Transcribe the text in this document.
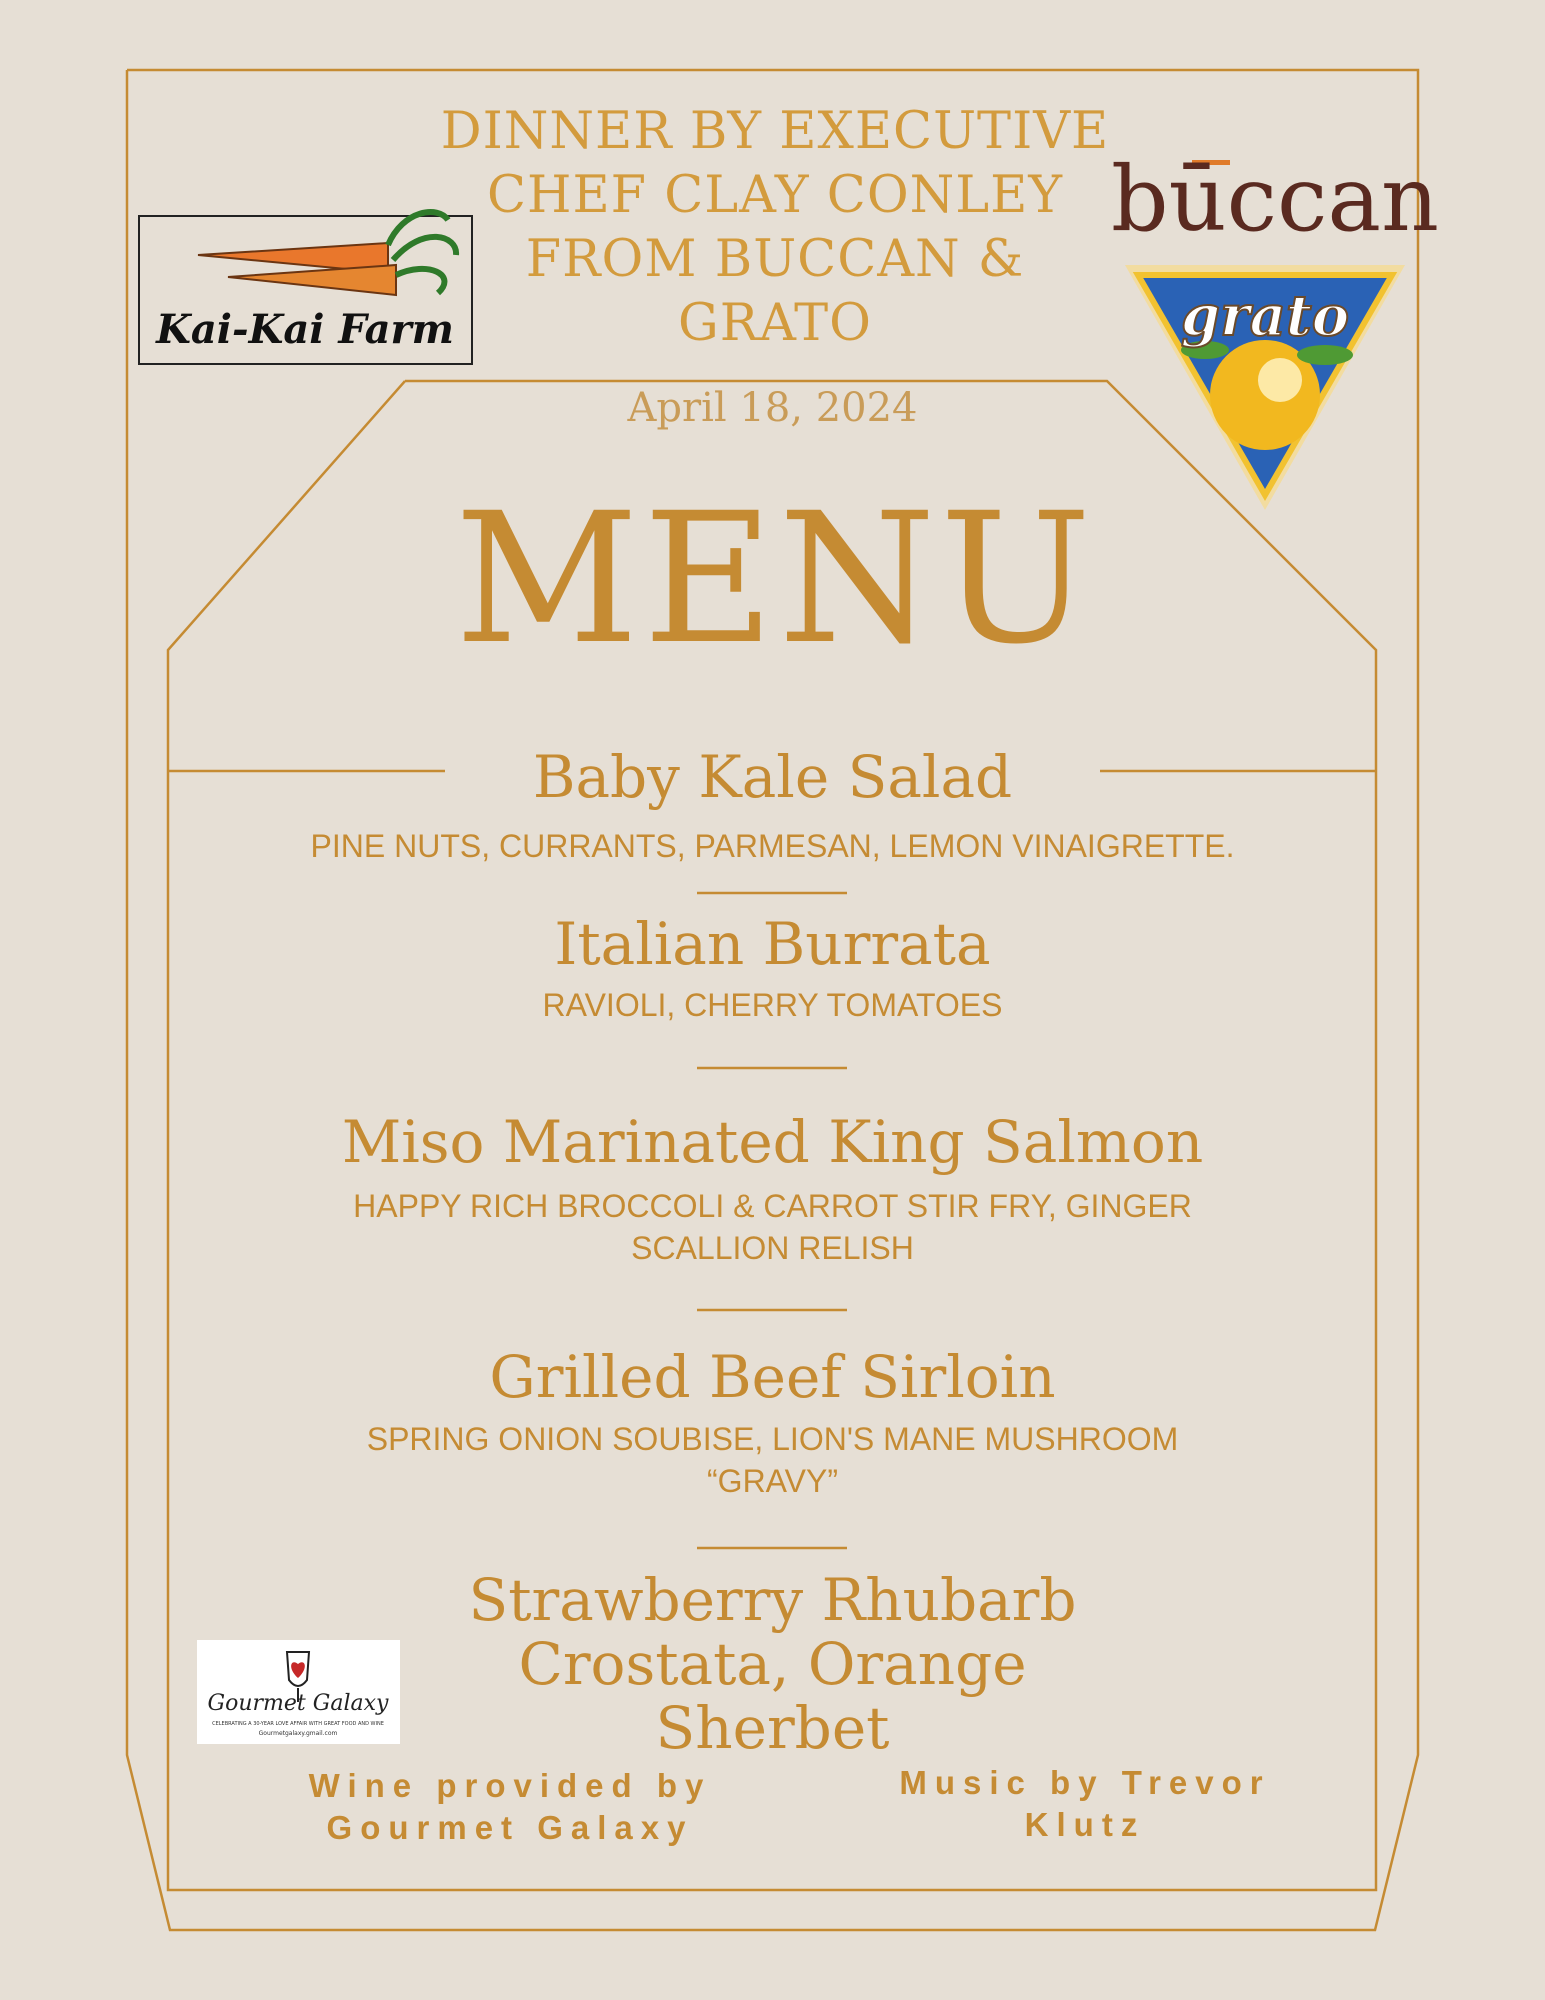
Kai-Kai Farm
DINNER BY EXECUTIVE CHEF CLAY CONLEY FROM BUCCAN & GRATO
būccan
grato
April 18, 2024
MENU
Baby Kale Salad
PINE NUTS, CURRANTS, PARMESAN, LEMON VINAIGRETTE.
Italian Burrata
RAVIOLI, CHERRY TOMATOES
Miso Marinated King Salmon
HAPPY RICH BROCCOLI & CARROT STIR FRY, GINGER SCALLION RELISH
Grilled Beef Sirloin
SPRING ONION SOUBISE, LION'S MANE MUSHROOM “GRAVY”
Strawberry Rhubarb Crostata, Orange Sherbet
Gourmet Galaxy
CELEBRATING A 30-YEAR LOVE AFFAIR WITH GREAT FOOD AND WINE
Gourmetgalaxy.gmail.com
Wine provided by Gourmet Galaxy
Music by Trevor Klutz
